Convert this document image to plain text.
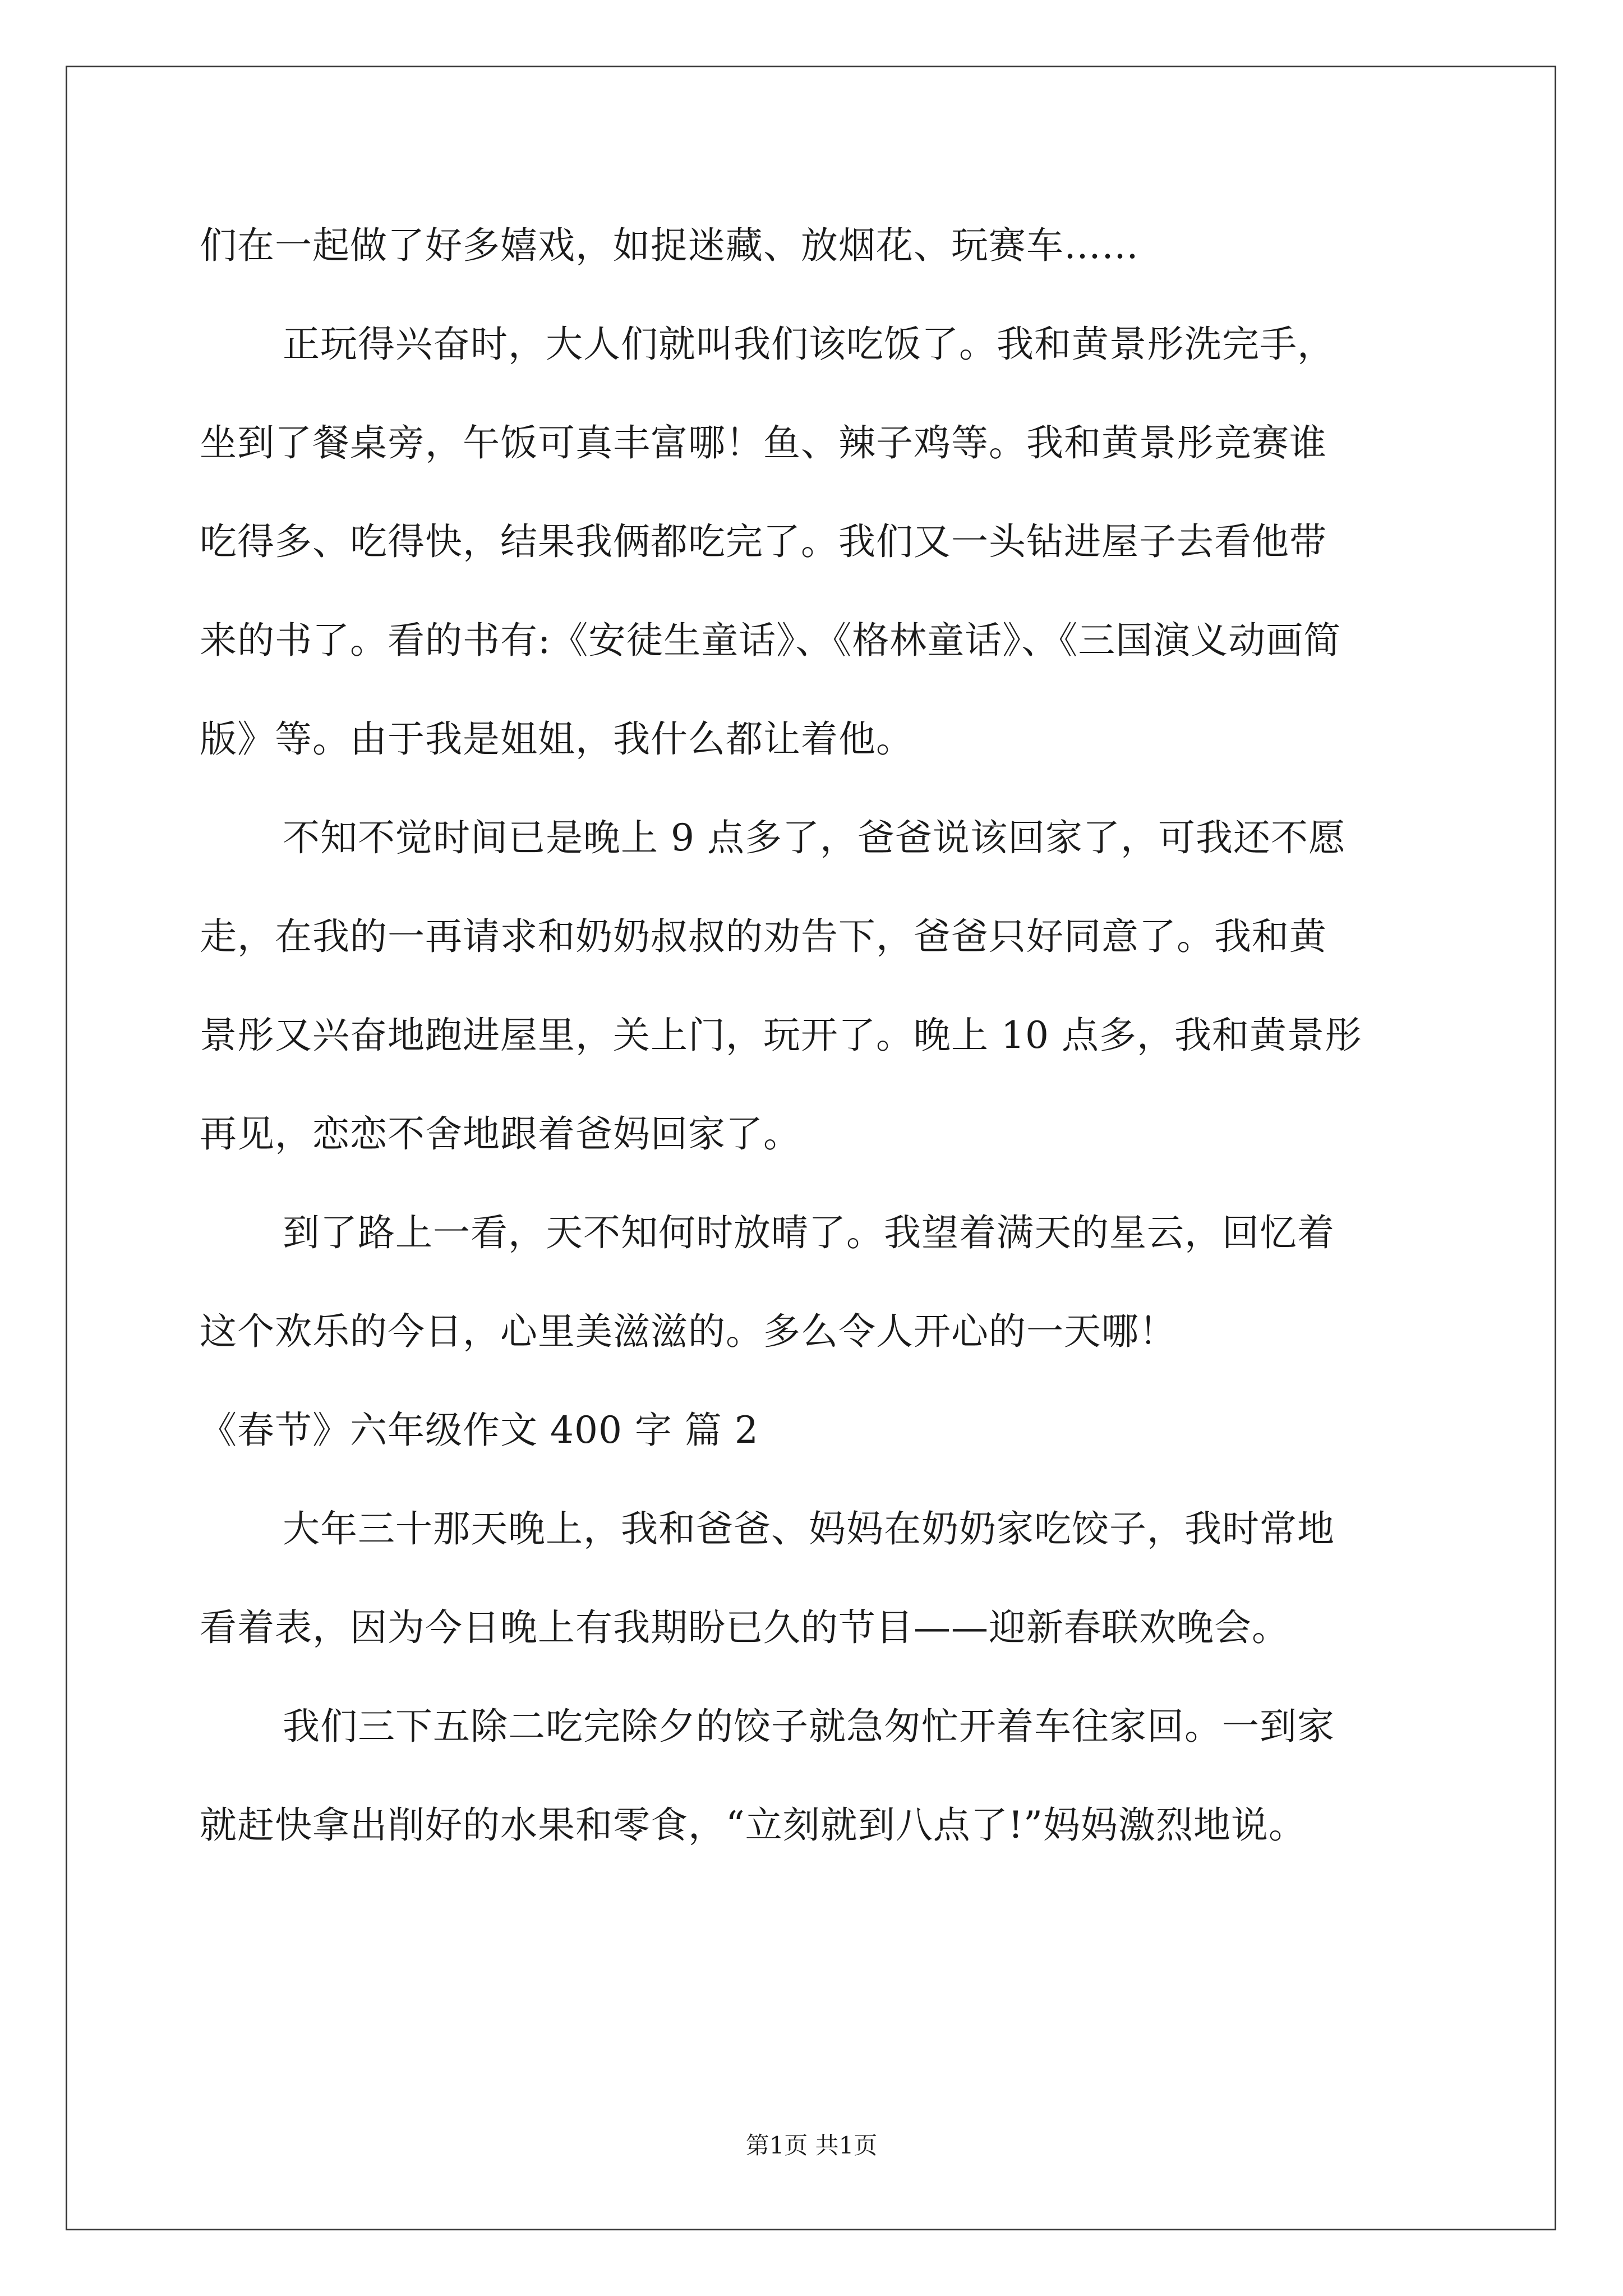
们在一起做了好多嬉戏，如捉迷藏、放烟花、玩赛车……
正玩得兴奋时，大人们就叫我们该吃饭了。我和黄景彤洗完手，
坐到了餐桌旁，午饭可真丰富哪！鱼、辣子鸡等。我和黄景彤竞赛谁
吃得多、吃得快，结果我俩都吃完了。我们又一头钻进屋子去看他带
来的书了。看的书有:《安徒生童话》、《格林童话》、《三国演义动画简
版》等。由于我是姐姐，我什么都让着他。
不知不觉时间已是晚上 9 点多了，爸爸说该回家了，可我还不愿
走，在我的一再请求和奶奶叔叔的劝告下，爸爸只好同意了。我和黄
景彤又兴奋地跑进屋里，关上门，玩开了。晚上 10 点多，我和黄景彤
再见，恋恋不舍地跟着爸妈回家了。
到了路上一看，天不知何时放晴了。我望着满天的星云，回忆着
这个欢乐的今日，心里美滋滋的。多么令人开心的一天哪！
《春节》六年级作文 400 字 篇 2
大年三十那天晚上，我和爸爸、妈妈在奶奶家吃饺子，我时常地
看着表，因为今日晚上有我期盼已久的节目——迎新春联欢晚会。
我们三下五除二吃完除夕的饺子就急匆忙开着车往家回。一到家
就赶快拿出削好的水果和零食，“立刻就到八点了!”妈妈激烈地说。
第1页 共1页
